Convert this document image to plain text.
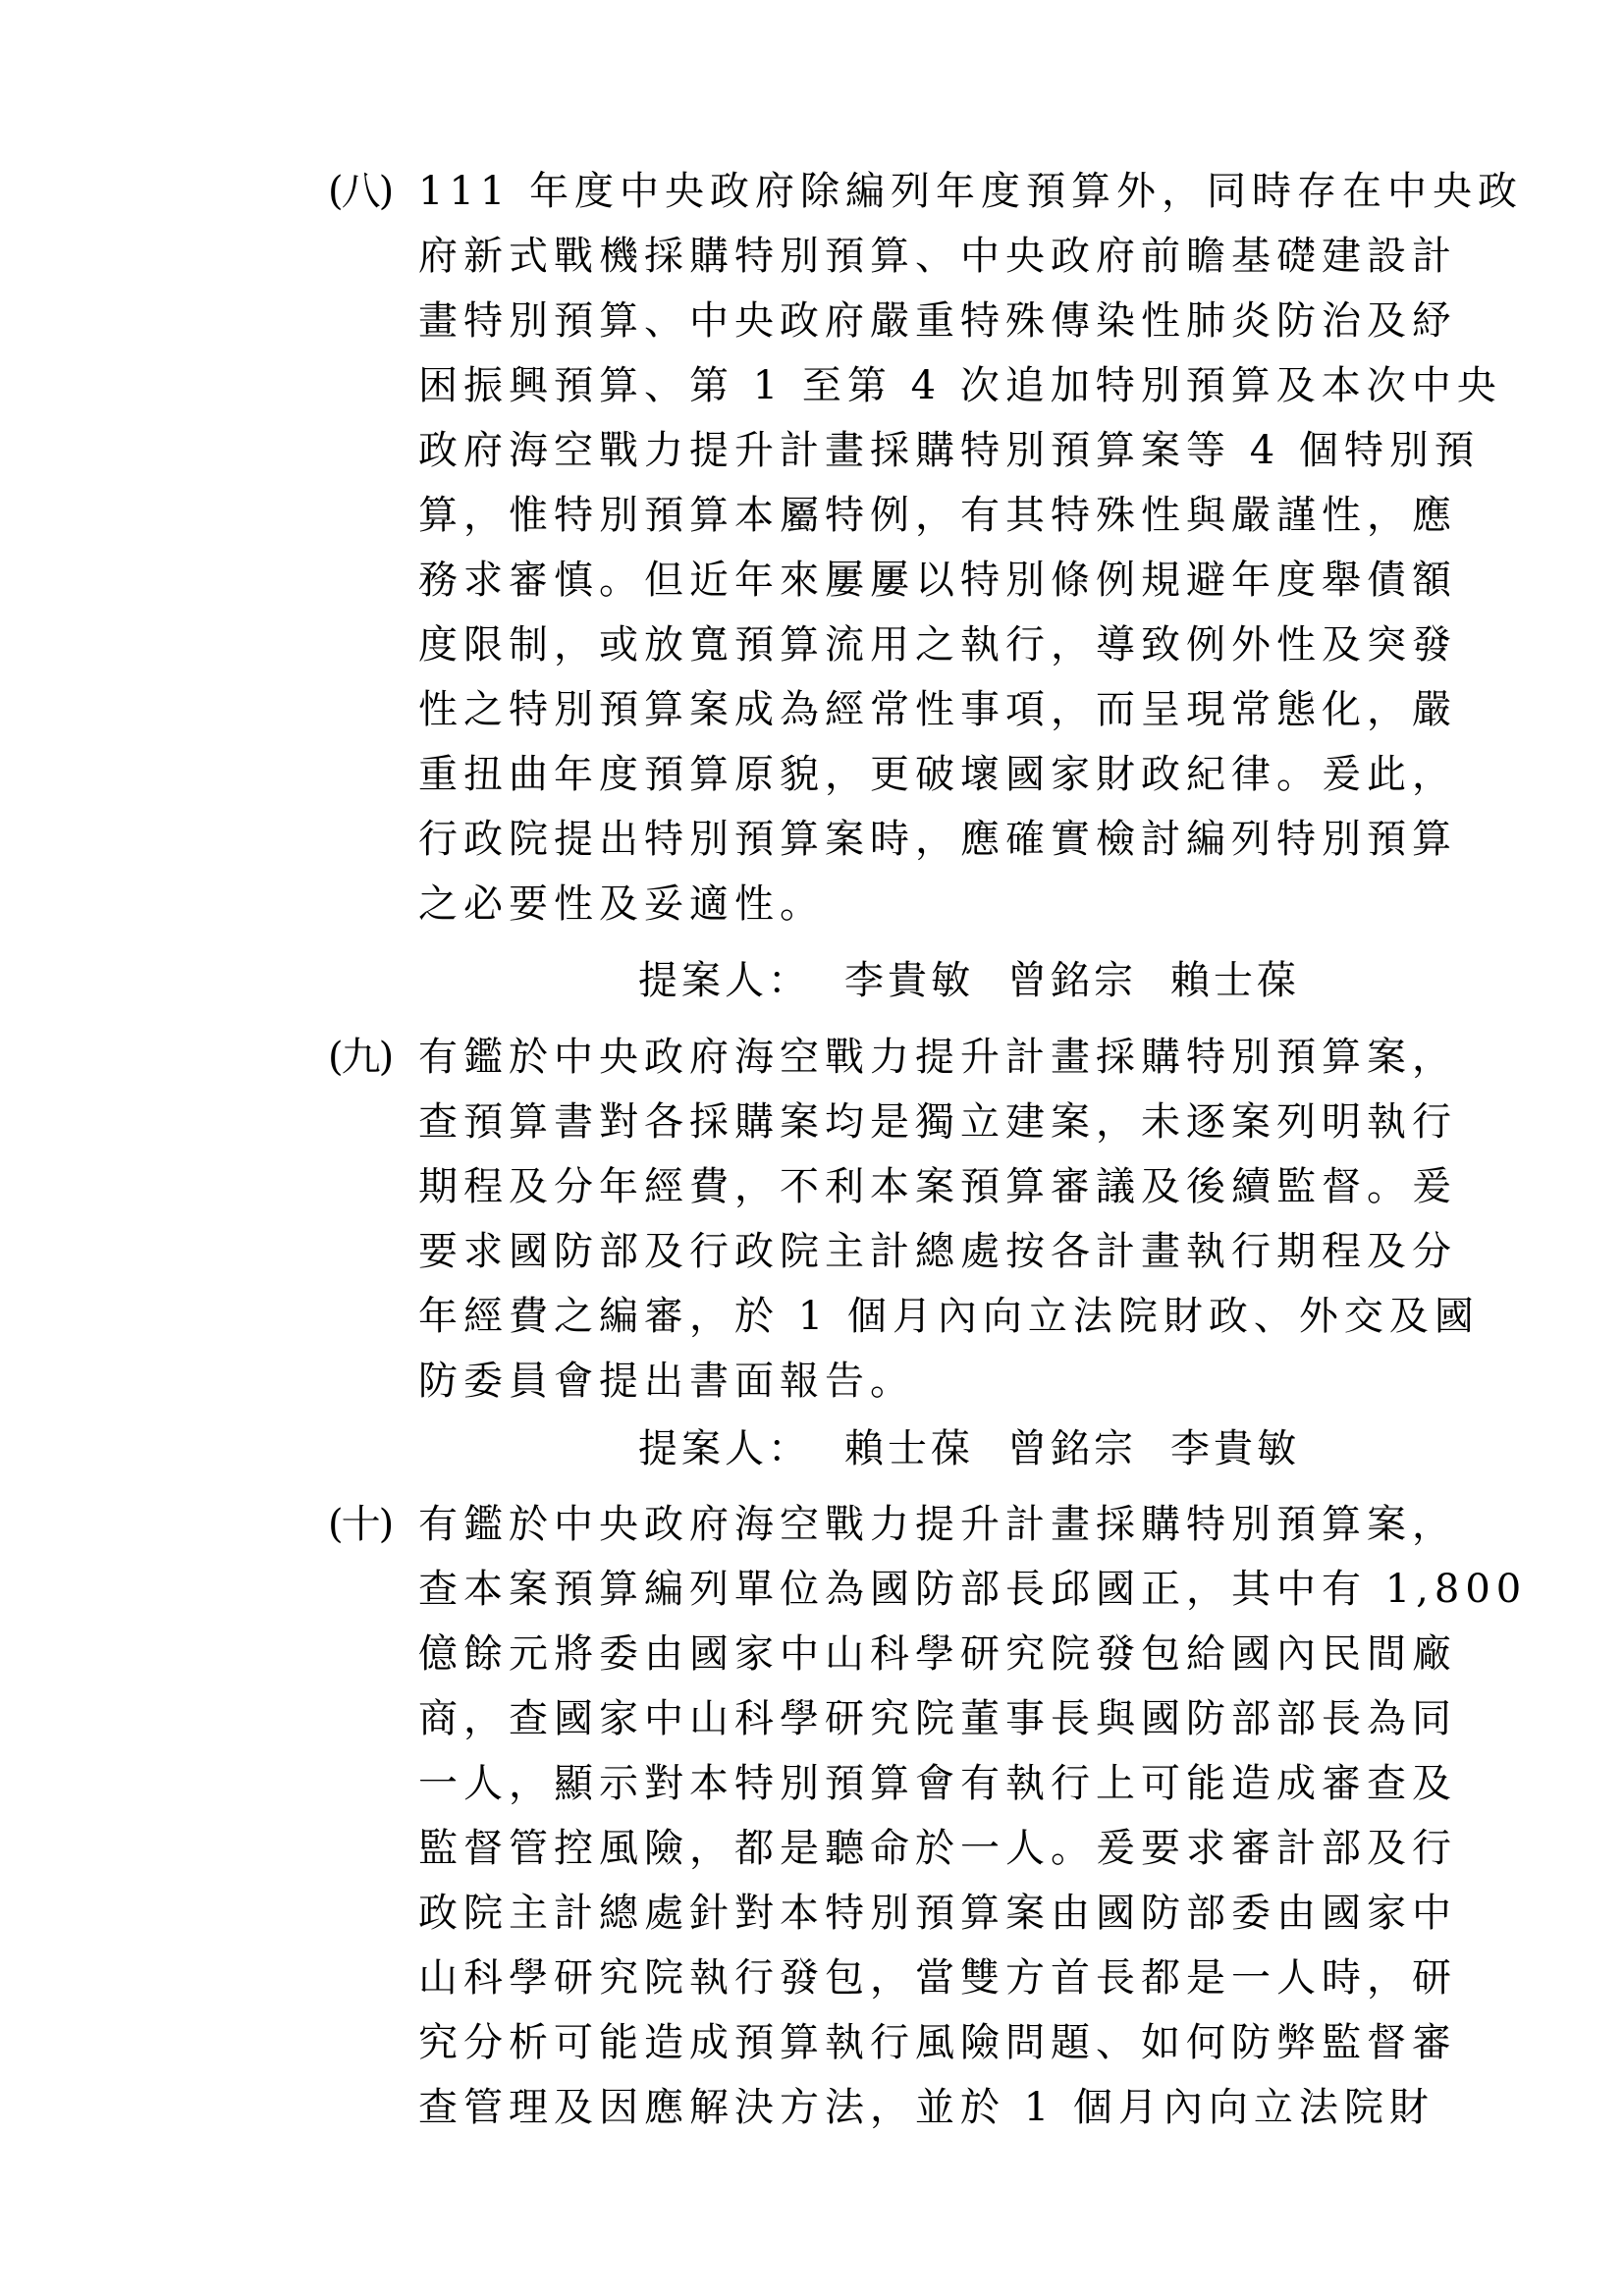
(八) 111 年度中央政府除編列年度預算外，同時存在中央政
府新式戰機採購特別預算、中央政府前瞻基礎建設計
畫特別預算、中央政府嚴重特殊傳染性肺炎防治及紓
困振興預算、第 1 至第 4 次追加特別預算及本次中央
政府海空戰力提升計畫採購特別預算案等 4 個特別預
算，惟特別預算本屬特例，有其特殊性與嚴謹性，應
務求審慎。但近年來屢屢以特別條例規避年度舉債額
度限制，或放寬預算流用之執行，導致例外性及突發
性之特別預算案成為經常性事項，而呈現常態化，嚴
重扭曲年度預算原貌，更破壞國家財政紀律。爰此，
行政院提出特別預算案時，應確實檢討編列特別預算
之必要性及妥適性。
提案人： 李貴敏 曾銘宗 賴士葆
(九) 有鑑於中央政府海空戰力提升計畫採購特別預算案，
查預算書對各採購案均是獨立建案，未逐案列明執行
期程及分年經費，不利本案預算審議及後續監督。爰
要求國防部及行政院主計總處按各計畫執行期程及分
年經費之編審，於 1 個月內向立法院財政、外交及國
防委員會提出書面報告。
提案人： 賴士葆 曾銘宗 李貴敏
(十) 有鑑於中央政府海空戰力提升計畫採購特別預算案，
查本案預算編列單位為國防部長邱國正，其中有 1,800
億餘元將委由國家中山科學研究院發包給國內民間廠
商，查國家中山科學研究院董事長與國防部部長為同
一人，顯示對本特別預算會有執行上可能造成審查及
監督管控風險，都是聽命於一人。爰要求審計部及行
政院主計總處針對本特別預算案由國防部委由國家中
山科學研究院執行發包，當雙方首長都是一人時，研
究分析可能造成預算執行風險問題、如何防弊監督審
查管理及因應解決方法，並於 1 個月內向立法院財
